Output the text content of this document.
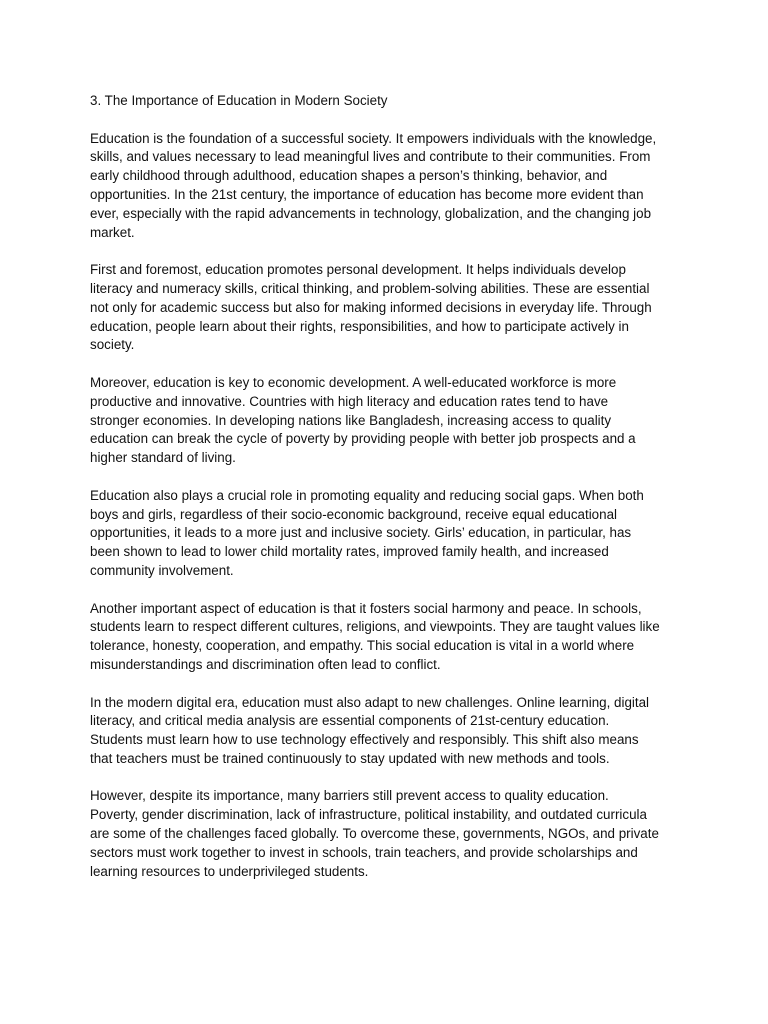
3. The Importance of Education in Modern Society

Education is the foundation of a successful society. It empowers individuals with the knowledge,
skills, and values necessary to lead meaningful lives and contribute to their communities. From
early childhood through adulthood, education shapes a person’s thinking, behavior, and
opportunities. In the 21st century, the importance of education has become more evident than
ever, especially with the rapid advancements in technology, globalization, and the changing job
market.

First and foremost, education promotes personal development. It helps individuals develop
literacy and numeracy skills, critical thinking, and problem-solving abilities. These are essential
not only for academic success but also for making informed decisions in everyday life. Through
education, people learn about their rights, responsibilities, and how to participate actively in
society.

Moreover, education is key to economic development. A well-educated workforce is more
productive and innovative. Countries with high literacy and education rates tend to have
stronger economies. In developing nations like Bangladesh, increasing access to quality
education can break the cycle of poverty by providing people with better job prospects and a
higher standard of living.

Education also plays a crucial role in promoting equality and reducing social gaps. When both
boys and girls, regardless of their socio-economic background, receive equal educational
opportunities, it leads to a more just and inclusive society. Girls’ education, in particular, has
been shown to lead to lower child mortality rates, improved family health, and increased
community involvement.

Another important aspect of education is that it fosters social harmony and peace. In schools,
students learn to respect different cultures, religions, and viewpoints. They are taught values like
tolerance, honesty, cooperation, and empathy. This social education is vital in a world where
misunderstandings and discrimination often lead to conflict.

In the modern digital era, education must also adapt to new challenges. Online learning, digital
literacy, and critical media analysis are essential components of 21st-century education.
Students must learn how to use technology effectively and responsibly. This shift also means
that teachers must be trained continuously to stay updated with new methods and tools.

However, despite its importance, many barriers still prevent access to quality education.
Poverty, gender discrimination, lack of infrastructure, political instability, and outdated curricula
are some of the challenges faced globally. To overcome these, governments, NGOs, and private
sectors must work together to invest in schools, train teachers, and provide scholarships and
learning resources to underprivileged students.
